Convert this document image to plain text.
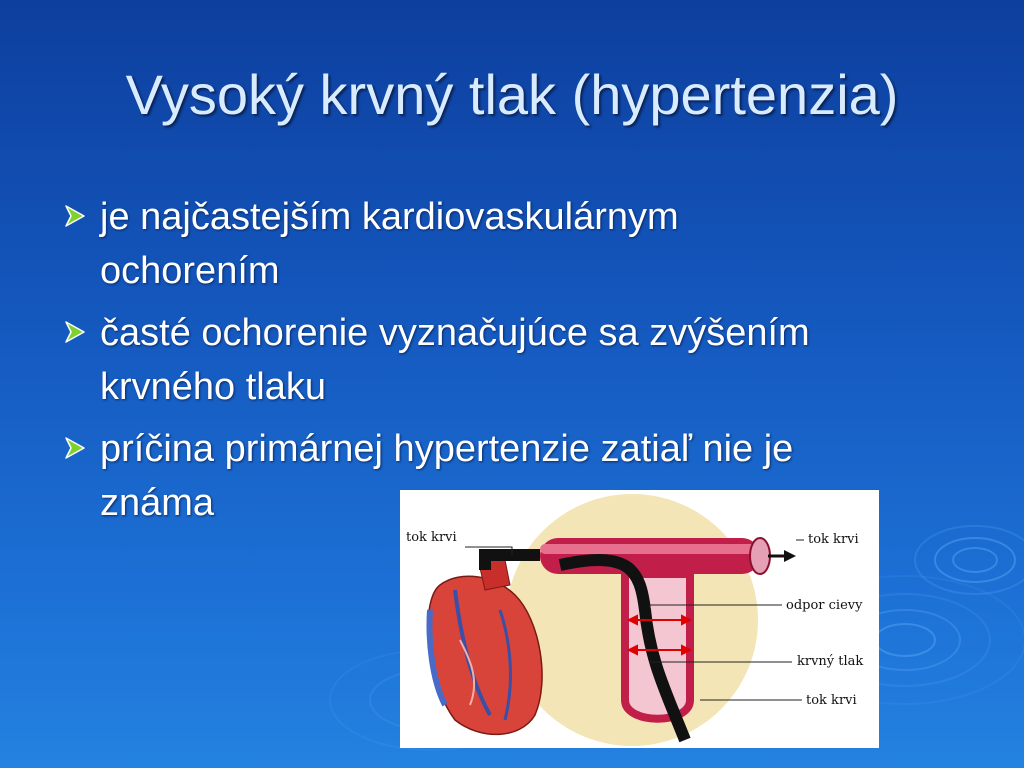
Vysoký krvný tlak (hypertenzia)
je najčastejším kardiovaskulárnym
ochorením
časté ochorenie vyznačujúce sa zvýšením
krvného tlaku
príčina primárnej hypertenzie zatiaľ nie je
známa
tok krvi	tok krvi
odpor cievy
krvný tlak
tok krvi
